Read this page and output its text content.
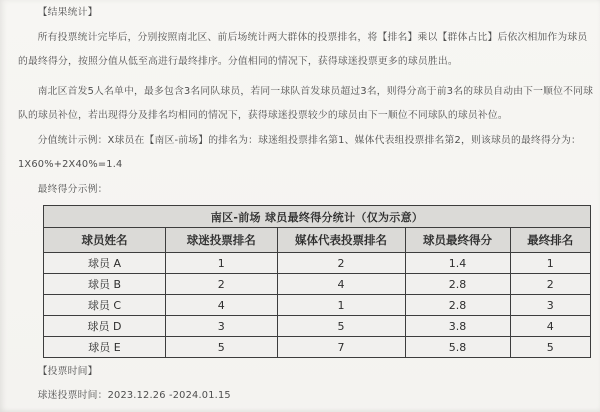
【结果统计】
所有投票统计完毕后，分别按照南北区、前后场统计两大群体的投票排名，将【排名】乘以【群体占比】后依次相加作为球员的最终得分，按照分值从低至高进行最终排序。分值相同的情况下，获得球迷投票更多的球员胜出。
南北区首发5人名单中，最多包含3名同队球员，若同一球队首发球员超过3名，则得分高于前3名的球员自动由下一顺位不同球队的球员补位，若出现得分及排名均相同的情况下，获得球迷投票较少的球员由下一顺位不同球队的球员补位。
分值统计示例：X球员在【南区-前场】的排名为：球迷组投票排名第1、媒体代表组投票排名第2，则该球员的最终得分为：
1X60%+2X40%=1.4
最终得分示例：
南区-前场 球员最终得分统计（仅为示意）				
球员姓名	球迷投票排名	媒体代表投票排名	球员最终得分	最终排名
球员 A	1	2	1.4	1
球员 B	2	4	2.8	2
球员 C	4	1	2.8	3
球员 D	3	5	3.8	4
球员 E	5	7	5.8	5
【投票时间】
球迷投票时间：2023.12.26 -2024.01.15
